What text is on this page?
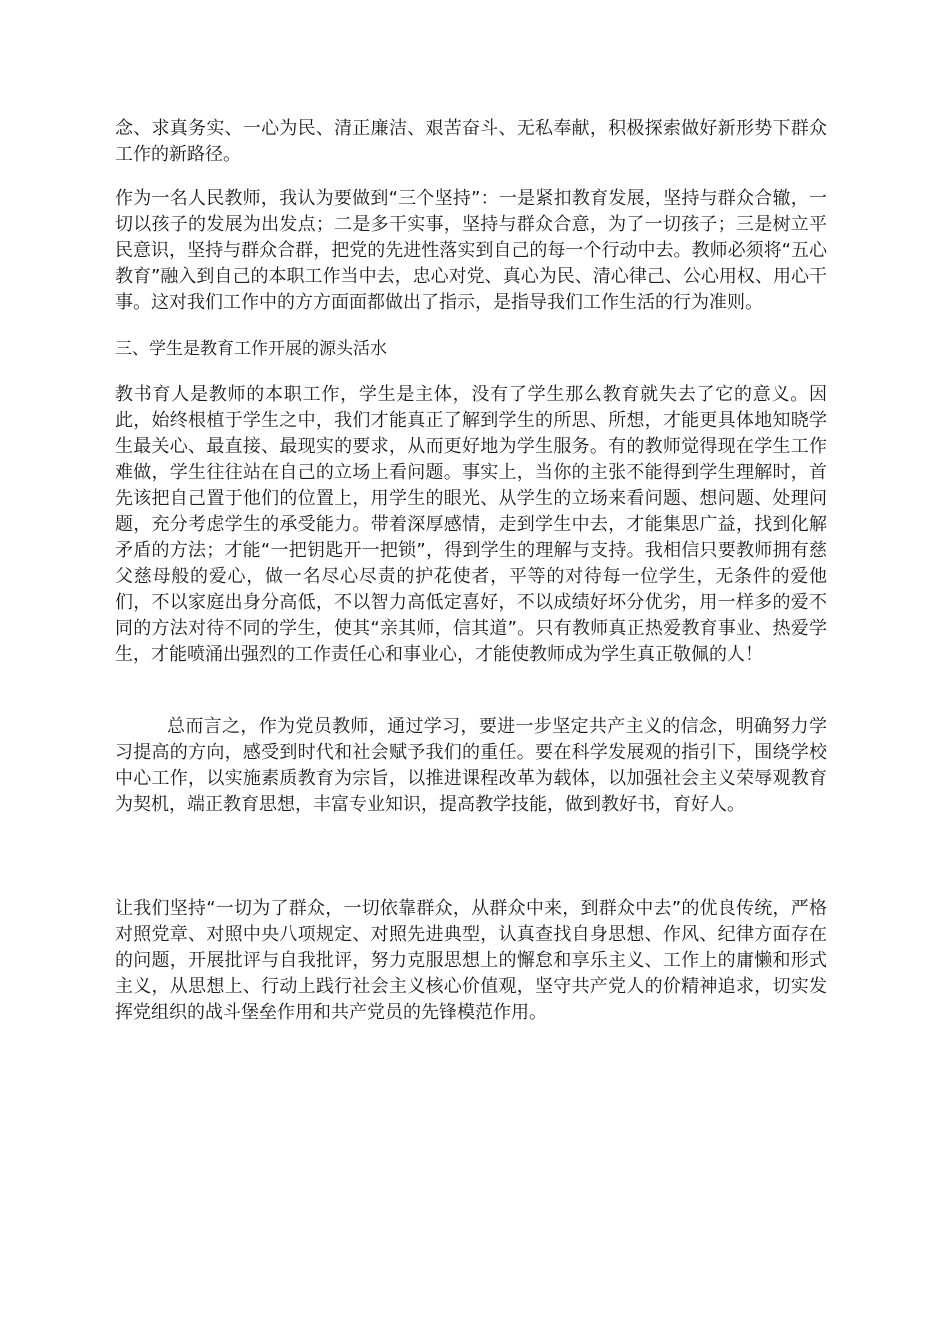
念、求真务实、一心为民、清正廉洁、艰苦奋斗、无私奉献，积极探索做好新形势下群众工作的新路径。

作为一名人民教师，我认为要做到“三个坚持”：一是紧扣教育发展，坚持与群众合辙，一切以孩子的发展为出发点；二是多干实事，坚持与群众合意，为了一切孩子；三是树立平民意识，坚持与群众合群，把党的先进性落实到自己的每一个行动中去。教师必须将“五心教育”融入到自己的本职工作当中去，忠心对党、真心为民、清心律己、公心用权、用心干事。这对我们工作中的方方面面都做出了指示，是指导我们工作生活的行为准则。

三、学生是教育工作开展的源头活水

教书育人是教师的本职工作，学生是主体，没有了学生那么教育就失去了它的意义。因此，始终根植于学生之中，我们才能真正了解到学生的所思、所想，才能更具体地知晓学生最关心、最直接、最现实的要求，从而更好地为学生服务。有的教师觉得现在学生工作难做，学生往往站在自己的立场上看问题。事实上，当你的主张不能得到学生理解时，首先该把自己置于他们的位置上，用学生的眼光、从学生的立场来看问题、想问题、处理问题，充分考虑学生的承受能力。带着深厚感情，走到学生中去，才能集思广益，找到化解矛盾的方法；才能“一把钥匙开一把锁”，得到学生的理解与支持。我相信只要教师拥有慈父慈母般的爱心，做一名尽心尽责的护花使者，平等的对待每一位学生，无条件的爱他们，不以家庭出身分高低，不以智力高低定喜好，不以成绩好坏分优劣，用一样多的爱不同的方法对待不同的学生，使其“亲其师，信其道”。只有教师真正热爱教育事业、热爱学生，才能喷涌出强烈的工作责任心和事业心，才能使教师成为学生真正敬佩的人！

总而言之，作为党员教师，通过学习，要进一步坚定共产主义的信念，明确努力学习提高的方向，感受到时代和社会赋予我们的重任。要在科学发展观的指引下，围绕学校中心工作，以实施素质教育为宗旨，以推进课程改革为载体，以加强社会主义荣辱观教育为契机，端正教育思想，丰富专业知识，提高教学技能，做到教好书，育好人。

让我们坚持“一切为了群众，一切依靠群众，从群众中来，到群众中去”的优良传统，严格对照党章、对照中央八项规定、对照先进典型，认真查找自身思想、作风、纪律方面存在的问题，开展批评与自我批评，努力克服思想上的懈怠和享乐主义、工作上的庸懒和形式主义，从思想上、行动上践行社会主义核心价值观，坚守共产党人的价精神追求，切实发挥党组织的战斗堡垒作用和共产党员的先锋模范作用。
